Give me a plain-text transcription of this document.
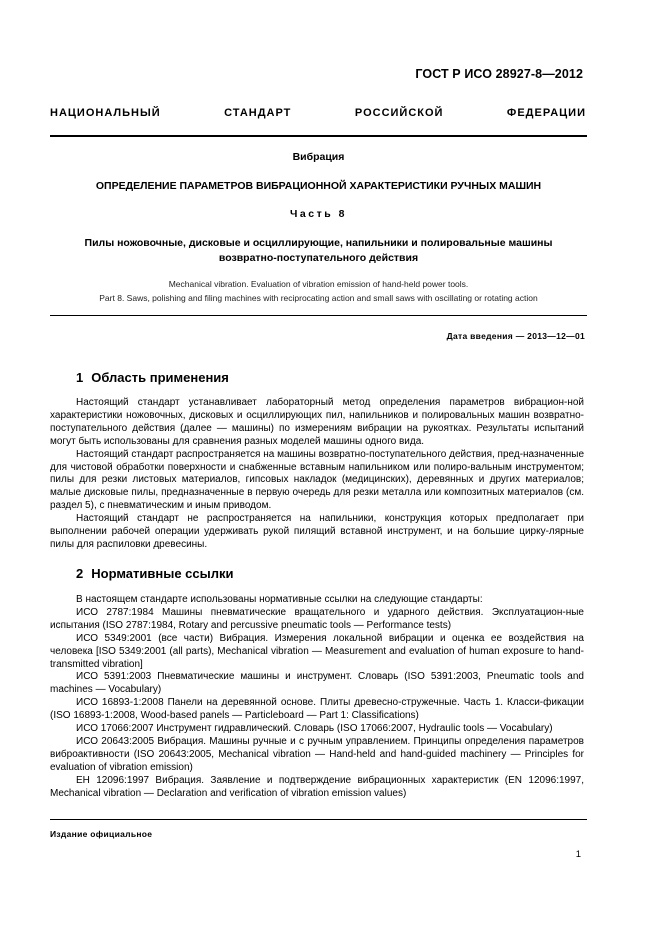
ГОСТ Р ИСО 28927-8—2012
НАЦИОНАЛЬНЫЙ СТАНДАРТ РОССИЙСКОЙ ФЕДЕРАЦИИ
Вибрация
ОПРЕДЕЛЕНИЕ ПАРАМЕТРОВ ВИБРАЦИОННОЙ ХАРАКТЕРИСТИКИ РУЧНЫХ МАШИН
Часть 8
Пилы ножовочные, дисковые и осциллирующие, напильники и полировальные машины
возвратно-поступательного действия
Mechanical vibration. Evaluation of vibration emission of hand-held power tools.
Part 8. Saws, polishing and filing machines with reciprocating action and small saws with oscillating or rotating action
Дата введения — 2013—12—01
1 Область применения

Настоящий стандарт устанавливает лабораторный метод определения параметров вибрацион-ной характеристики ножовочных, дисковых и осциллирующих пил, напильников и полировальных машин возвратно-поступательного действия (далее — машины) по измерениям вибрации на рукоятках. Результаты испытаний могут быть использованы для сравнения разных моделей машины одного вида.

Настоящий стандарт распространяется на машины возвратно-поступательного действия, пред-назначенные для чистовой обработки поверхности и снабженные вставным напильником или полиро-вальным инструментом; пилы для резки листовых материалов, гипсовых накладок (медицинских), деревянных и других материалов; малые дисковые пилы, предназначенные в первую очередь для резки металла или композитных материалов (см. раздел 5), с пневматическим и иным приводом.

Настоящий стандарт не распространяется на напильники, конструкция которых предполагает при выполнении рабочей операции удерживать рукой пилящий вставной инструмент, и на большие цирку-лярные пилы для распиловки древесины.

2 Нормативные ссылки

В настоящем стандарте использованы нормативные ссылки на следующие стандарты:

ИСО 2787:1984 Машины пневматические вращательного и ударного действия. Эксплуатацион-ные испытания (ISO 2787:1984, Rotary and percussive pneumatic tools — Performance tests)

ИСО 5349:2001 (все части) Вибрация. Измерения локальной вибрации и оценка ее воздействия на человека [ISO 5349:2001 (all parts), Mechanical vibration — Measurement and evaluation of human exposure to hand-transmitted vibration]

ИСО 5391:2003 Пневматические машины и инструмент. Словарь (ISO 5391:2003, Pneumatic tools and machines — Vocabulary)

ИСО 16893-1:2008 Панели на деревянной основе. Плиты древесно-стружечные. Часть 1. Класси-фикации (ISO 16893-1:2008, Wood-based panels — Particleboard — Part 1: Classifications)

ИСО 17066:2007 Инструмент гидравлический. Словарь (ISO 17066:2007, Hydraulic tools — Vocabulary)

ИСО 20643:2005 Вибрация. Машины ручные и с ручным управлением. Принципы определения параметров виброактивности (ISO 20643:2005, Mechanical vibration — Hand-held and hand-guided machinery — Principles for evaluation of vibration emission)

ЕН 12096:1997 Вибрация. Заявление и подтверждение вибрационных характеристик (EN 12096:1997, Mechanical vibration — Declaration and verification of vibration emission values)

Издание официальное
1
